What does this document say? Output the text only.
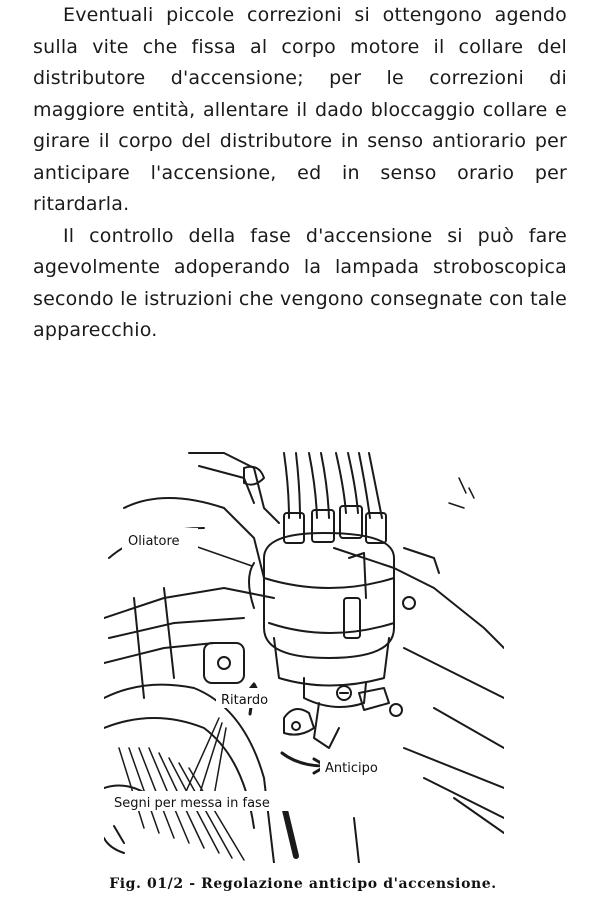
Eventuali piccole correzioni si ottengono agendo sulla vite che fissa al corpo motore il collare del distributore d'accensione; per le correzioni di maggiore entità, allentare il dado bloccaggio collare e girare il corpo del distributore in senso antiorario per anticipare l'accensione, ed in senso orario per ritardarla.

Il controllo della fase d'accensione si può fare agevolmente adoperando la lampada stroboscopica secondo le istruzioni che vengono consegnate con tale apparecchio.

Oliatore
Ritardo
Anticipo
Segni per messa in fase
Fig. 01/2 - Regolazione anticipo d'accensione.
